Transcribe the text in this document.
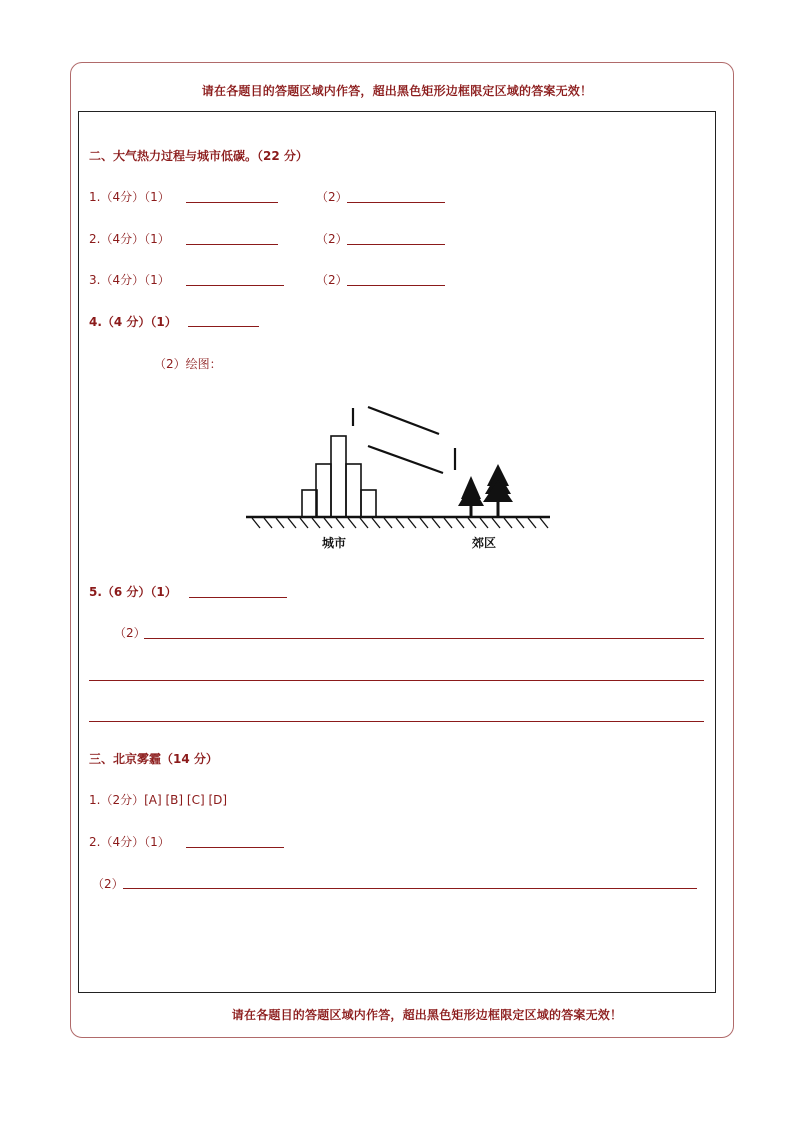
请在各题目的答题区域内作答，超出黑色矩形边框限定区域的答案无效！
二、大气热力过程与城市低碳。（22 分）
1.（4分）（1）	（2）
2.（4分）（1）	（2）
3.（4分）（1）	（2）
4.（4 分）（1）
（2）绘图：
城市	郊区
5.（6 分）（1）
（2）
三、北京雾霾（14 分）
1.（2分）[A] [B] [C] [D]
2.（4分）（1）
（2）
请在各题目的答题区域内作答，超出黑色矩形边框限定区域的答案无效！
